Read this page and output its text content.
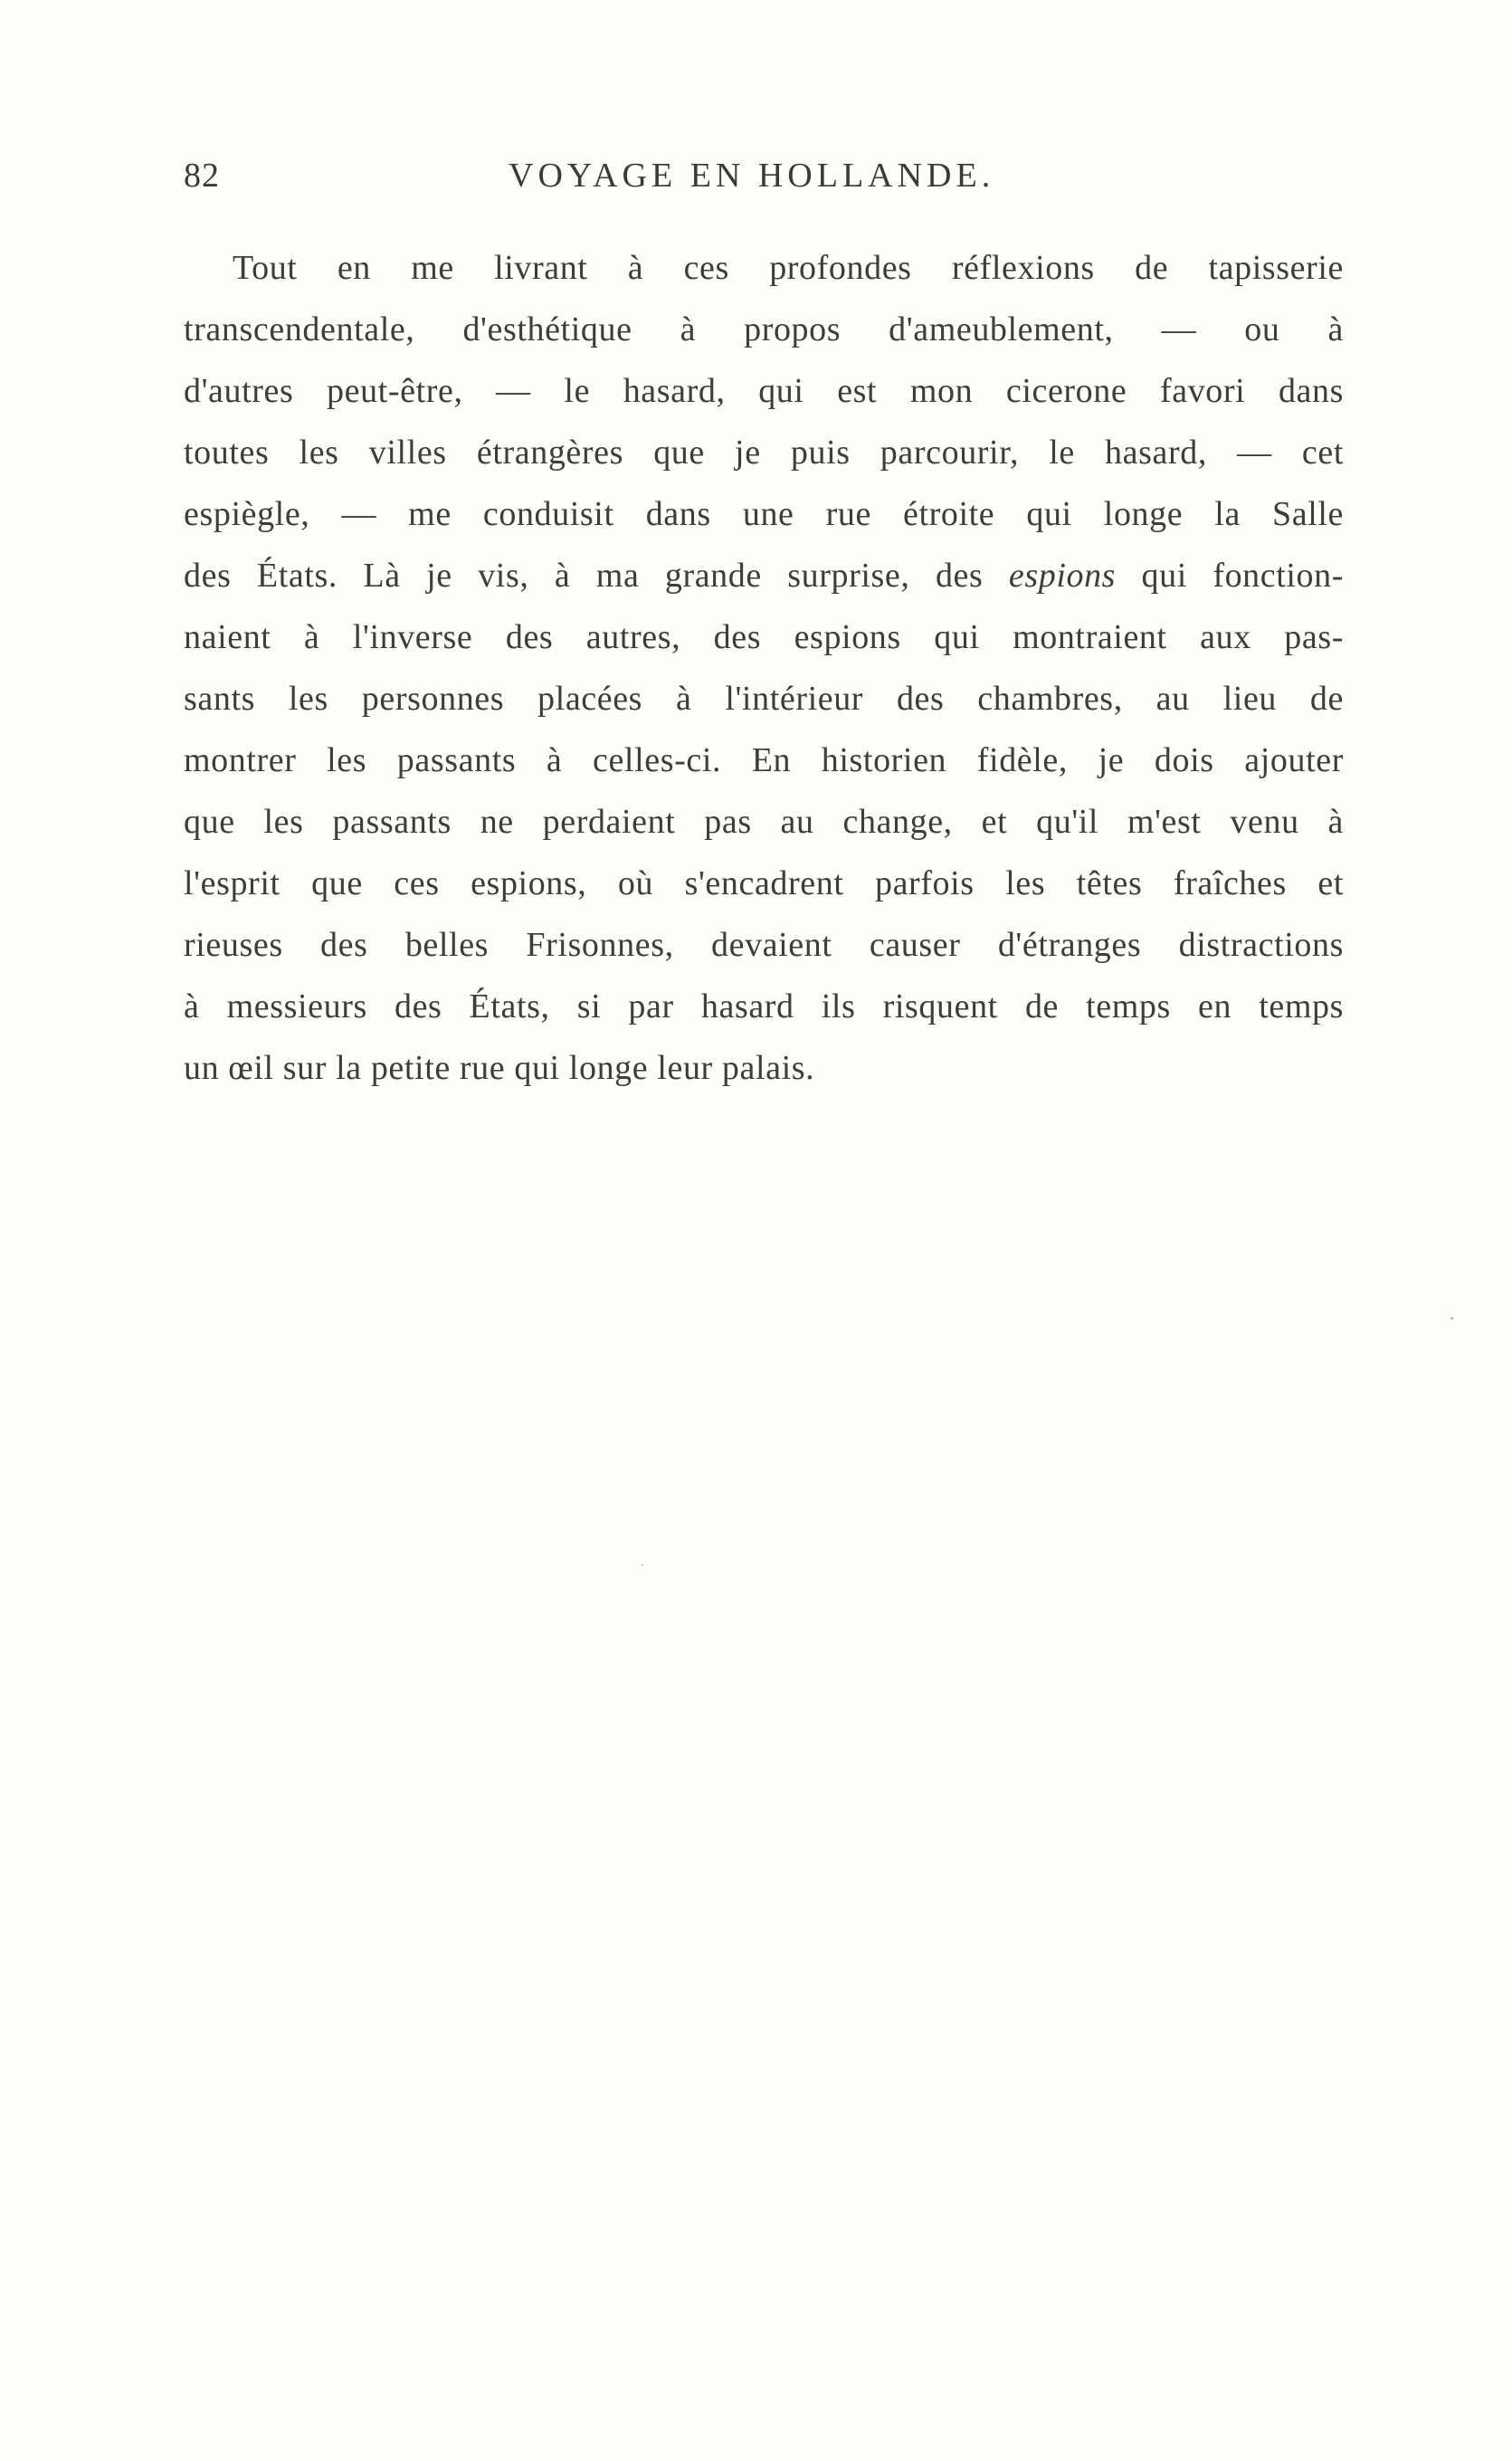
82	VOYAGE EN HOLLANDE.
Tout en me livrant à ces profondes réflexions de tapisserie
transcendentale, d'esthétique à propos d'ameublement, — ou à
d'autres peut-être, — le hasard, qui est mon cicerone favori dans
toutes les villes étrangères que je puis parcourir, le hasard, — cet
espiègle, — me conduisit dans une rue étroite qui longe la Salle
des États. Là je vis, à ma grande surprise, des espions qui fonction-
naient à l'inverse des autres, des espions qui montraient aux pas-
sants les personnes placées à l'intérieur des chambres, au lieu de
montrer les passants à celles-ci. En historien fidèle, je dois ajouter
que les passants ne perdaient pas au change, et qu'il m'est venu à
l'esprit que ces espions, où s'encadrent parfois les têtes fraîches et
rieuses des belles Frisonnes, devaient causer d'étranges distractions
à messieurs des États, si par hasard ils risquent de temps en temps
un œil sur la petite rue qui longe leur palais.
